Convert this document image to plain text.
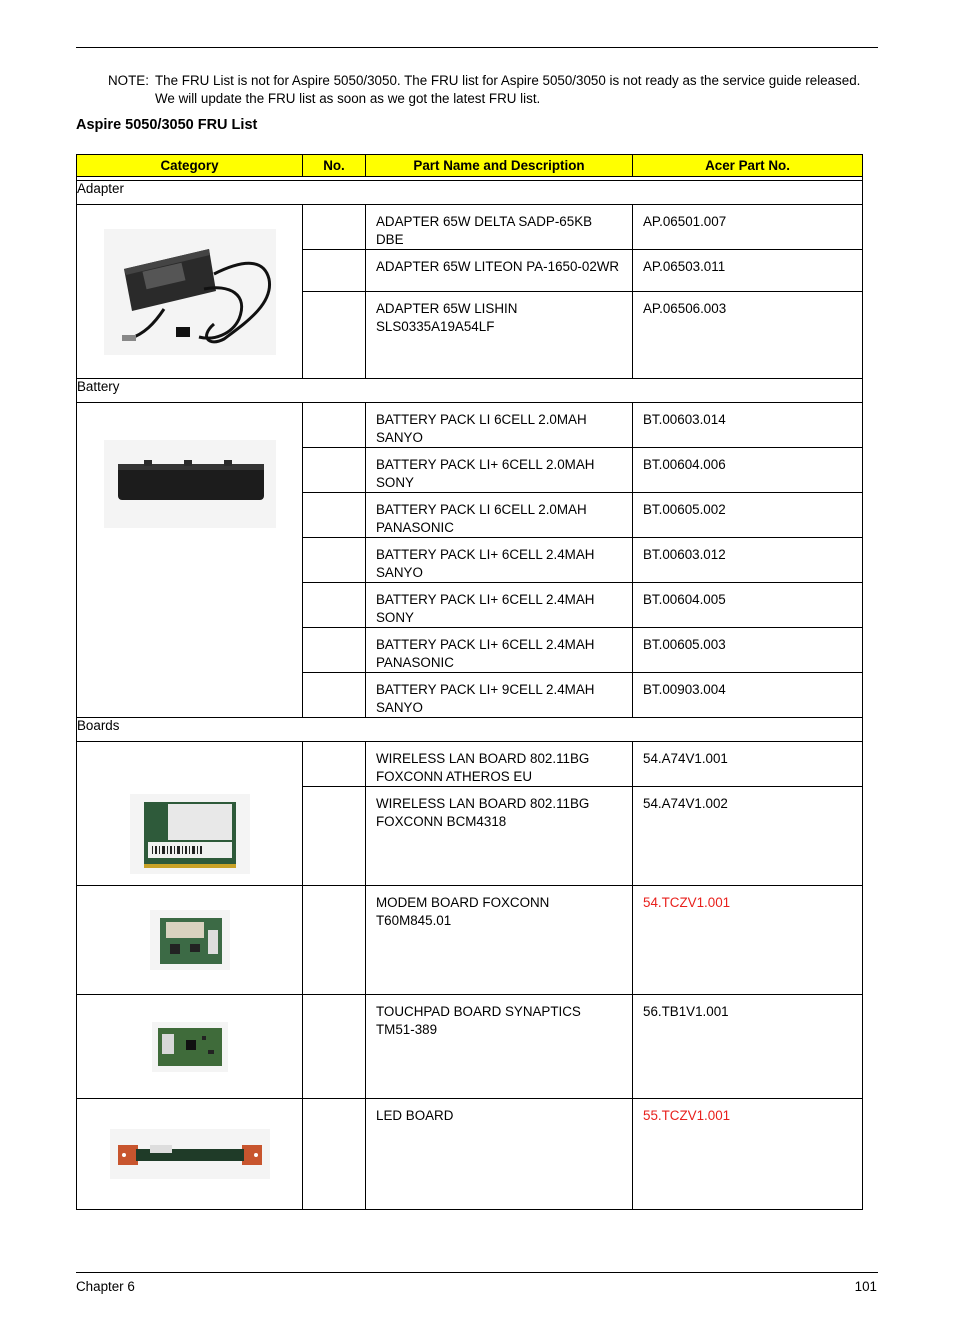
NOTE: The FRU List is not for Aspire 5050/3050. The FRU list for Aspire 5050/3050 is not ready as the service guide released. We will update the FRU list as soon as we got the latest FRU list.
Aspire 5050/3050 FRU List
Category	No.	Part Name and Description	Acer Part No.

Adapter			

		ADAPTER 65W DELTA SADP-65KB DBE	AP.06501.007
		ADAPTER 65W LITEON PA-1650-02WR	AP.06503.011
		ADAPTER 65W LISHIN SLS0335A19A54LF	AP.06506.003
Battery			

		BATTERY PACK LI 6CELL 2.0MAH SANYO	BT.00603.014
		BATTERY PACK LI+ 6CELL 2.0MAH SONY	BT.00604.006
		BATTERY PACK LI 6CELL 2.0MAH PANASONIC	BT.00605.002
		BATTERY PACK LI+ 6CELL 2.4MAH SANYO	BT.00603.012
		BATTERY PACK LI+ 6CELL 2.4MAH SONY	BT.00604.005
		BATTERY PACK LI+ 6CELL 2.4MAH PANASONIC	BT.00605.003
		BATTERY PACK LI+ 9CELL 2.4MAH SANYO	BT.00903.004
Boards			

		WIRELESS LAN BOARD 802.11BG FOXCONN ATHEROS EU	54.A74V1.001
		WIRELESS LAN BOARD 802.11BG FOXCONN BCM4318	54.A74V1.002

		MODEM BOARD FOXCONN T60M845.01	54.TCZV1.001

		TOUCHPAD BOARD SYNAPTICS TM51-389	56.TB1V1.001

		LED BOARD	55.TCZV1.001
Chapter 6	101
